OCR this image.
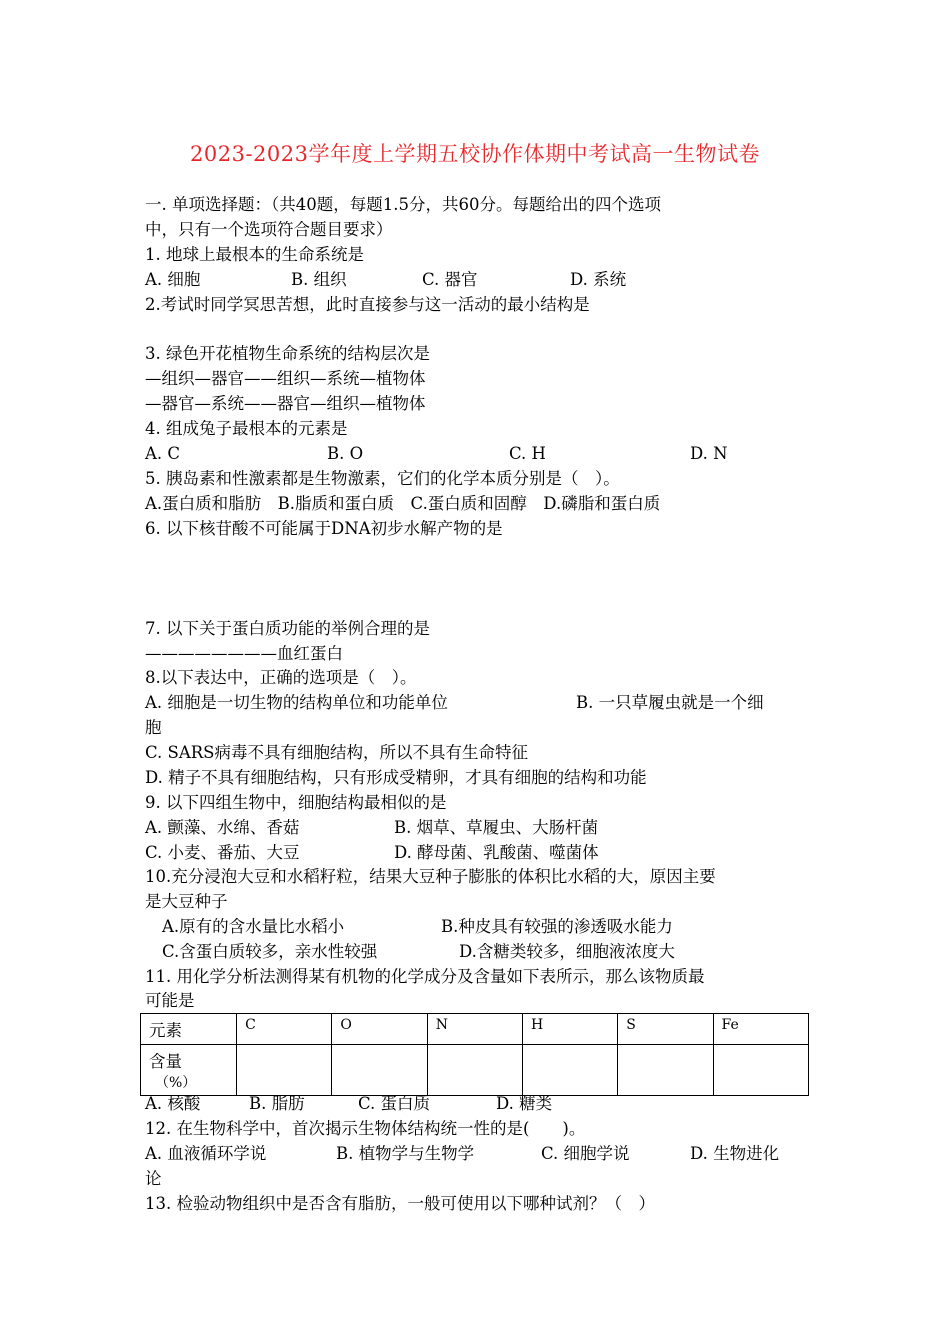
2023-2023学年度上学期五校协作体期中考试高一生物试卷
一. 单项选择题：（共40题，每题1.5分，共60分。每题给出的四个选项
中，只有一个选项符合题目要求）
1. 地球上最根本的生命系统是
A. 细胞	B. 组织	C. 器官	D. 系统
2.考试时同学冥思苦想，此时直接参与这一活动的最小结构是
3. 绿色开花植物生命系统的结构层次是
—组织—器官——组织—系统—植物体
—器官—系统——器官—组织—植物体
4. 组成兔子最根本的元素是
A. C	B. O	C. H	D. N
5. 胰岛素和性激素都是生物激素，它们的化学本质分别是（　）。
A.蛋白质和脂肪　B.脂质和蛋白质　C.蛋白质和固醇　D.磷脂和蛋白质
6. 以下核苷酸不可能属于DNA初步水解产物的是
7. 以下关于蛋白质功能的举例合理的是
————————血红蛋白
8.以下表达中，正确的选项是（　）。
A. 细胞是一切生物的结构单位和功能单位	B. 一只草履虫就是一个细
胞
C. SARS病毒不具有细胞结构，所以不具有生命特征
D. 精子不具有细胞结构，只有形成受精卵，才具有细胞的结构和功能
9. 以下四组生物中，细胞结构最相似的是
A. 颤藻、水绵、香菇	B. 烟草、草履虫、大肠杆菌
C. 小麦、番茄、大豆	D. 酵母菌、乳酸菌、噬菌体
10.充分浸泡大豆和水稻籽粒，结果大豆种子膨胀的体积比水稻的大，原因主要
是大豆种子
A.原有的含水量比水稻小	B.种皮具有较强的渗透吸水能力
C.含蛋白质较多，亲水性较强	D.含糖类较多，细胞液浓度大
11. 用化学分析法测得某有机物的化学成分及含量如下表所示，那么该物质最
可能是
元素	C	O	N	H	S	Fe

含量
（%）						

A. 核酸	B. 脂肪	C. 蛋白质	D. 糖类
12. 在生物科学中，首次揭示生物体结构统一性的是(　　)。
A. 血液循环学说	B. 植物学与生物学	C. 细胞学说	D. 生物进化
论
13. 检验动物组织中是否含有脂肪，一般可使用以下哪种试剂？（　）
